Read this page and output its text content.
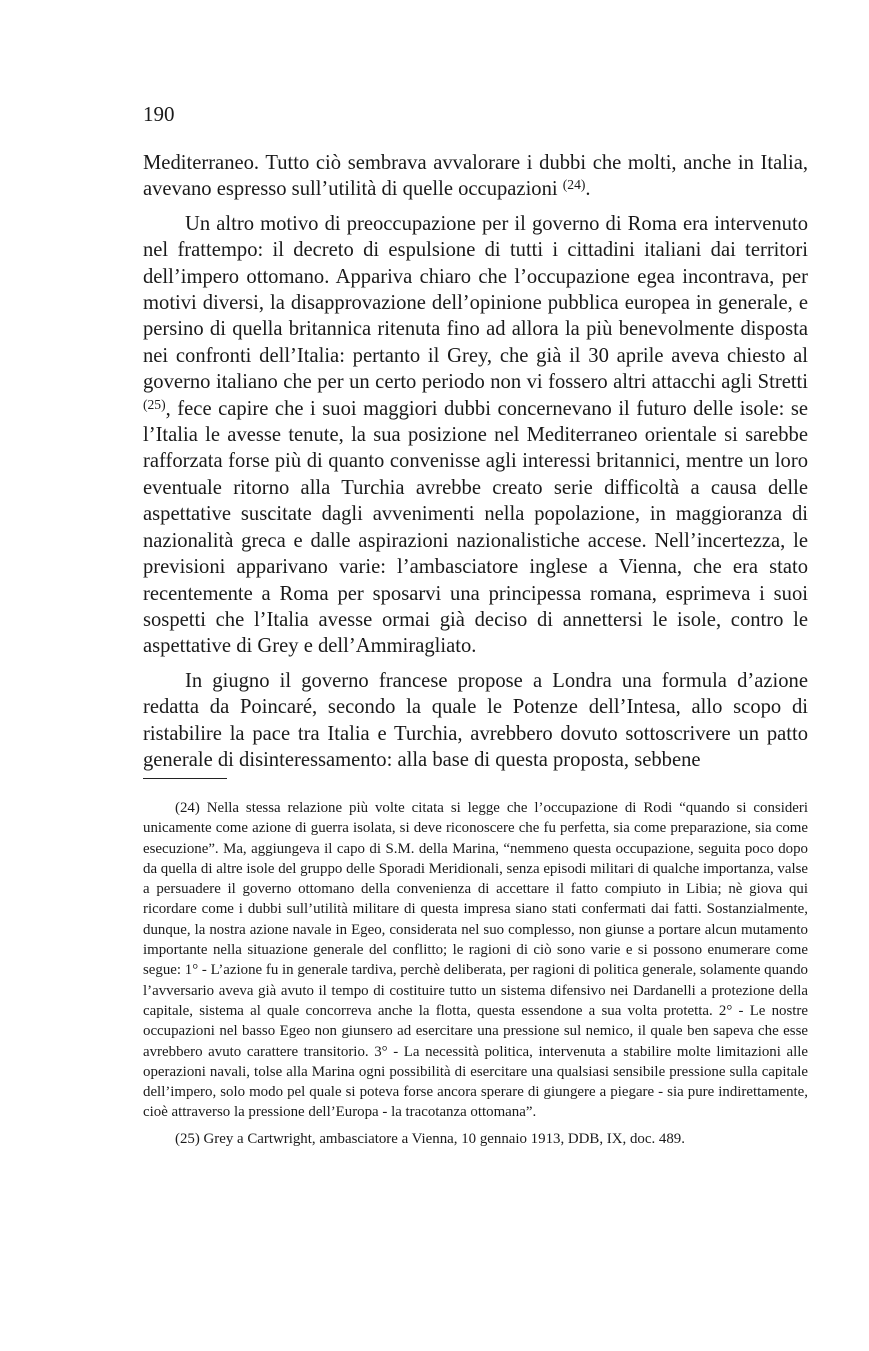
190

Mediterraneo. Tutto ciò sembrava avvalorare i dubbi che molti, anche in Italia, avevano espresso sull’utilità di quelle occupazioni $^{(24)}$.

Un altro motivo di preoccupazione per il governo di Roma era intervenuto nel frattempo: il decreto di espulsione di tutti i cittadini italiani dai territori dell’impero ottomano. Appariva chiaro che l’occupazione egea incontrava, per motivi diversi, la disapprovazione dell’opinione pubblica europea in generale, e persino di quella britannica ritenuta fino ad allora la più benevolmente disposta nei confronti dell’Italia: pertanto il Grey, che già il 30 aprile aveva chiesto al governo italiano che per un certo periodo non vi fossero altri attacchi agli Stretti $^{(25)}$, fece capire che i suoi maggiori dubbi concernevano il futuro delle isole: se l’Italia le avesse tenute, la sua posizione nel Mediterraneo orientale si sarebbe rafforzata forse più di quanto convenisse agli interessi britannici, mentre un loro eventuale ritorno alla Turchia avrebbe creato serie difficoltà a causa delle aspettative suscitate dagli avvenimenti nella popolazione, in maggioranza di nazionalità greca e dalle aspirazioni nazionalistiche accese. Nell’incertezza, le previsioni apparivano varie: l’ambasciatore inglese a Vienna, che era stato recentemente a Roma per sposarvi una principessa romana, esprimeva i suoi sospetti che l’Italia avesse ormai già deciso di annettersi le isole, contro le aspettative di Grey e dell’Ammiragliato.

In giugno il governo francese propose a Londra una formula d’azione redatta da Poincaré, secondo la quale le Potenze dell’Intesa, allo scopo di ristabilire la pace tra Italia e Turchia, avrebbero dovuto sottoscrivere un patto generale di disinteressamento: alla base di questa proposta, sebbene

(24) Nella stessa relazione più volte citata si legge che l’occupazione di Rodi “quando si consideri unicamente come azione di guerra isolata, si deve riconoscere che fu perfetta, sia come preparazione, sia come esecuzione”. Ma, aggiungeva il capo di S.M. della Marina, “nemmeno questa occupazione, seguita poco dopo da quella di altre isole del gruppo delle Sporadi Meridionali, senza episodi militari di qualche importanza, valse a persuadere il governo ottomano della convenienza di accettare il fatto compiuto in Libia; nè giova qui ricordare come i dubbi sull’utilità militare di questa impresa siano stati confermati dai fatti. Sostanzialmente, dunque, la nostra azione navale in Egeo, considerata nel suo complesso, non giunse a portare alcun mutamento importante nella situazione generale del conflitto; le ragioni di ciò sono varie e si possono enumerare come segue: 1° - L’azione fu in generale tardiva, perchè deliberata, per ragioni di politica generale, solamente quando l’avversario aveva già avuto il tempo di costituire tutto un sistema difensivo nei Dardanelli a protezione della capitale, sistema al quale concorreva anche la flotta, questa essendone a sua volta protetta. 2° - Le nostre occupazioni nel basso Egeo non giunsero ad esercitare una pressione sul nemico, il quale ben sapeva che esse avrebbero avuto carattere transitorio. 3° - La necessità politica, intervenuta a stabilire molte limitazioni alle operazioni navali, tolse alla Marina ogni possibilità di esercitare una qualsiasi sensibile pressione sulla capitale dell’impero, solo modo pel quale si poteva forse ancora sperare di giungere a piegare - sia pure indirettamente, cioè attraverso la pressione dell’Europa - la tracotanza ottomana”.

(25) Grey a Cartwright, ambasciatore a Vienna, 10 gennaio 1913, DDB, IX, doc. 489.
